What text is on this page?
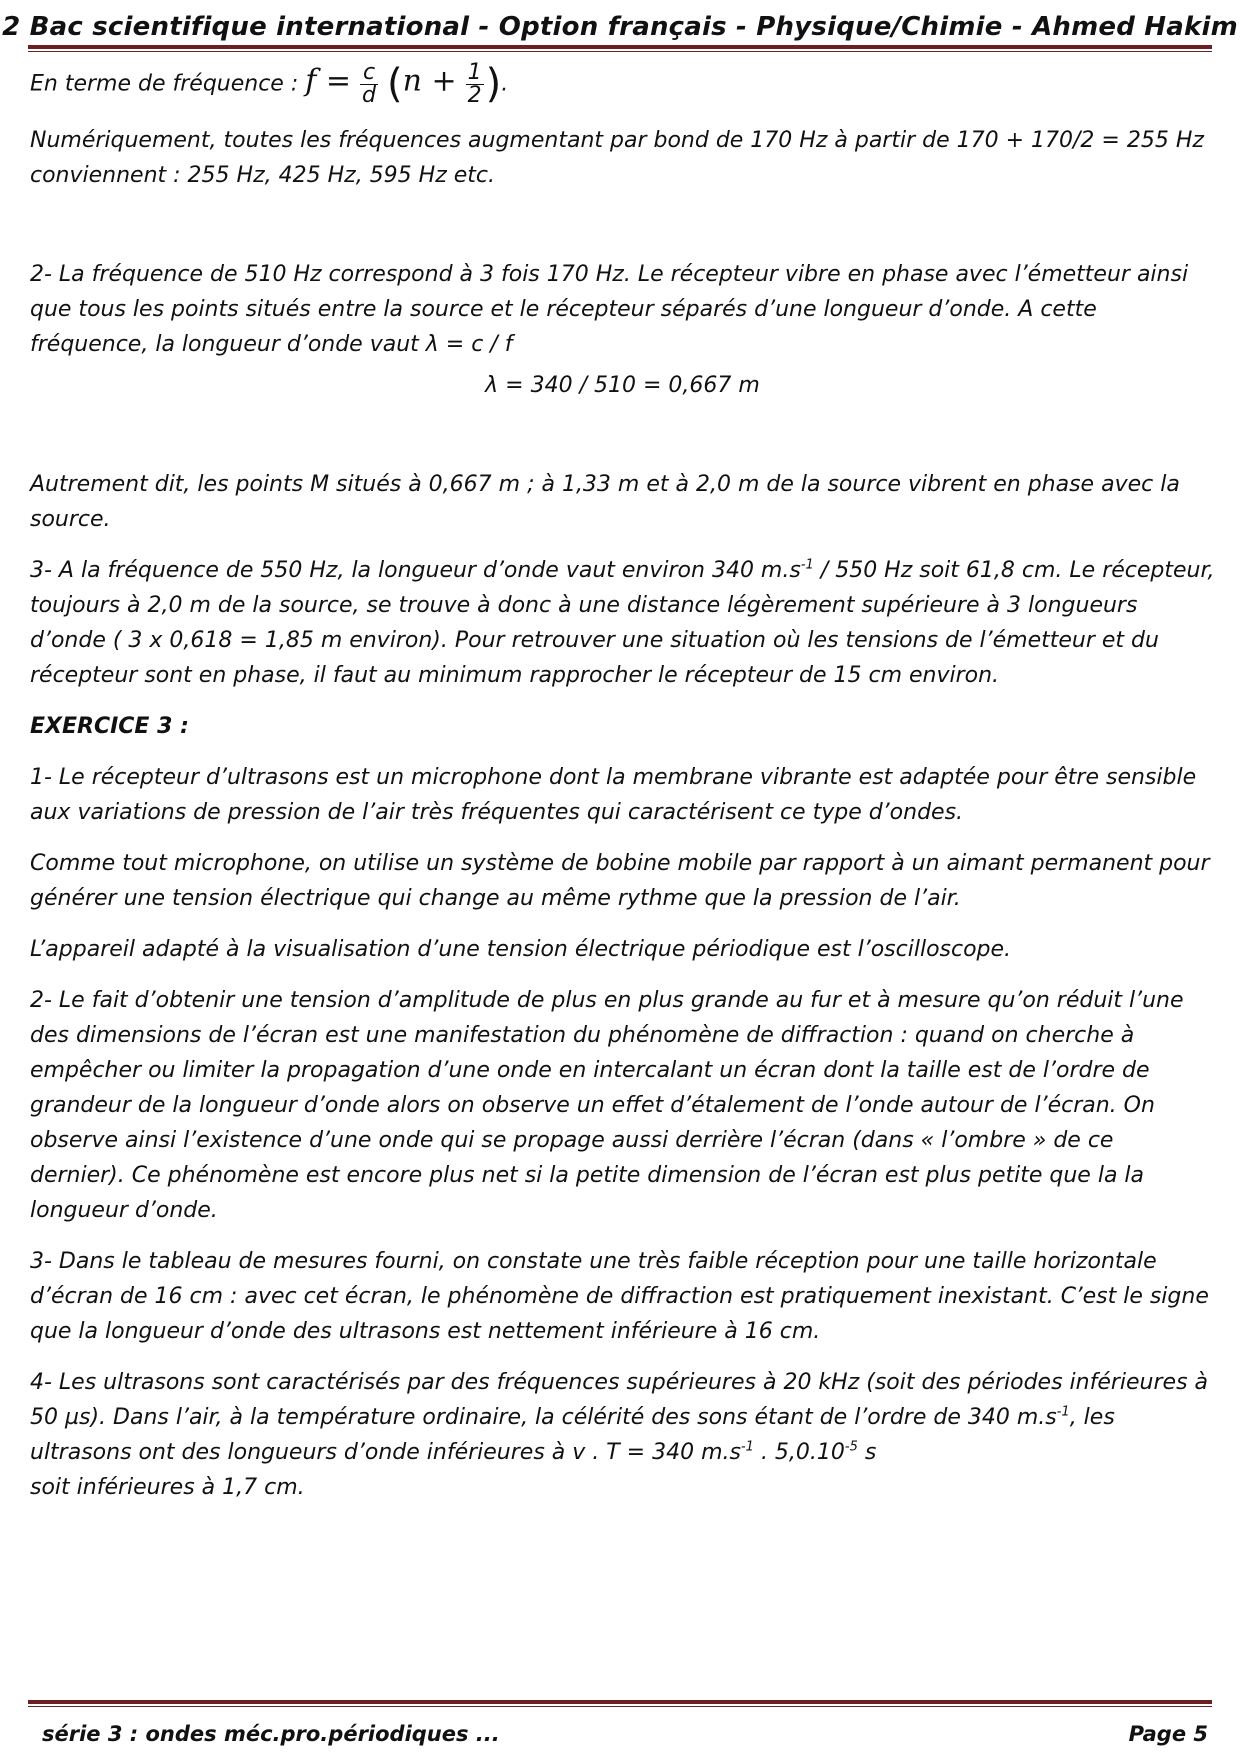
2 Bac scientifique international - Option français - Physique/Chimie - Ahmed Hakim

En terme de fréquence : $f = \frac{c}{d} (n + \frac{1}{2}$ ).

Numériquement, toutes les fréquences augmentant par bond de 170 Hz à partir de 170 + 170/2 = 255 Hz conviennent : 255 Hz, 425 Hz, 595 Hz etc.

2- La fréquence de 510 Hz correspond à 3 fois 170 Hz. Le récepteur vibre en phase avec l’émetteur ainsi que tous les points situés entre la source et le récepteur séparés d’une longueur d’onde. A cette fréquence, la longueur d’onde vaut λ = c / f

λ = 340 / 510 = 0,667 m

Autrement dit, les points M situés à 0,667 m ; à 1,33 m et à 2,0 m de la source vibrent en phase avec la source.

3- A la fréquence de 550 Hz, la longueur d’onde vaut environ 340 $m.s^{-1} / 550$ Hz soit 61,8 cm. Le récepteur, toujours à 2,0 m de la source, se trouve à donc à une distance légèrement supérieure à 3 longueurs d’onde ( 3 x 0,618 = 1,85 m environ). Pour retrouver une situation où les tensions de l’émetteur et du récepteur sont en phase, il faut au minimum rapprocher le récepteur de 15 cm environ.

EXERCICE 3 :

1- Le récepteur d’ultrasons est un microphone dont la membrane vibrante est adaptée pour être sensible aux variations de pression de l’air très fréquentes qui caractérisent ce type d’ondes.

Comme tout microphone, on utilise un système de bobine mobile par rapport à un aimant permanent pour générer une tension électrique qui change au même rythme que la pression de l’air.

L’appareil adapté à la visualisation d’une tension électrique périodique est l’oscilloscope.

2- Le fait d’obtenir une tension d’amplitude de plus en plus grande au fur et à mesure qu’on réduit l’une des dimensions de l’écran est une manifestation du phénomène de diffraction : quand on cherche à empêcher ou limiter la propagation d’une onde en intercalant un écran dont la taille est de l’ordre de grandeur de la longueur d’onde alors on observe un effet d’étalement de l’onde autour de l’écran. On observe ainsi l’existence d’une onde qui se propage aussi derrière l’écran (dans « l’ombre » de ce dernier). Ce phénomène est encore plus net si la petite dimension de l’écran est plus petite que la la longueur d’onde.

3- Dans le tableau de mesures fourni, on constate une très faible réception pour une taille horizontale d’écran de 16 cm : avec cet écran, le phénomène de diffraction est pratiquement inexistant. C’est le signe que la longueur d’onde des ultrasons est nettement inférieure à 16 cm.

4- Les ultrasons sont caractérisés par des fréquences supérieures à 20 kHz (soit des périodes inférieures à 50 µs). Dans l’air, à la température ordinaire, la célérité des sons étant de l’ordre de 340 $m.s^{-1}$, les ultrasons ont des longueurs d’onde inférieures à v . T = 340 $m.s^{-1}$ . $5,0.10^{-5}$ s
soit inférieures à 1,7 cm.

série 3 : ondes méc.pro.périodiques ...	Page 5
